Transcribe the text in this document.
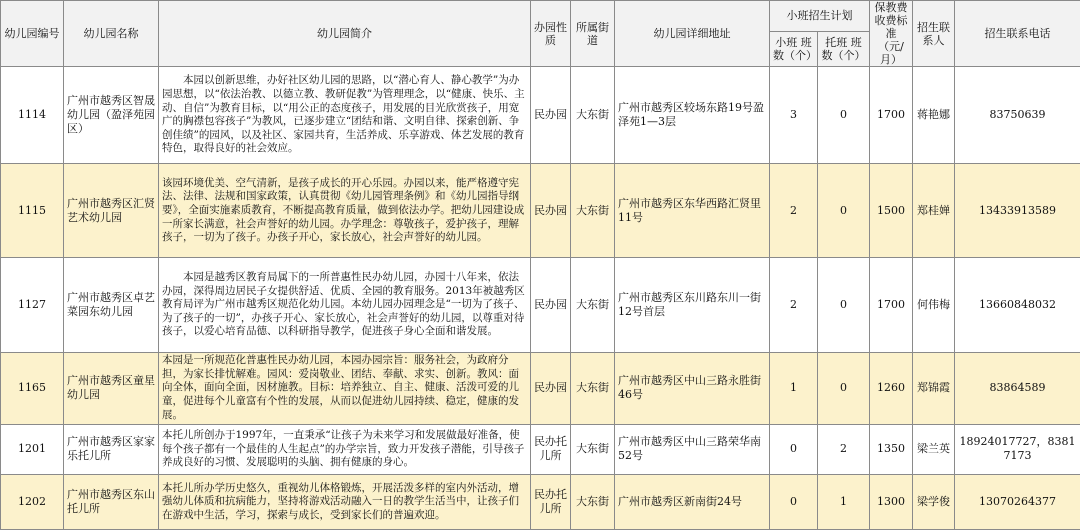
幼儿园编号	幼儿园名称	幼儿园简介	办园性质	所属街道	幼儿园详细地址	小班招生计划		保教费收费标准（元/月）	招生联系人	招生联系电话
						小班 班数（个）	托班 班数（个）			
1114	广州市越秀区智晟幼儿园（盈泽苑园区）	本园以创新思维，办好社区幼儿园的思路，以“潜心育人、静心教学”为办园思想，以“依法治教、以德立教、教研促教”为管理理念，以“健康、快乐、主动、自信”为教育目标，以“用公正的态度孩子，用发展的目光欣赏孩子，用宽广的胸襟包容孩子”为教风，已逐步建立“团结和谐、文明自律、探索创新、争创佳绩”的园风，以及社区、家园共育，生活养成、乐享游戏、体艺发展的教育特色，取得良好的社会效应。	民办园	大东街	广州市越秀区较场东路19号盈泽苑1—3层	3	0	1700	蒋艳娜	83750639
1115	广州市越秀区汇贤艺术幼儿园	该园环境优美、空气清新，是孩子成长的开心乐园。办园以来，能严格遵守宪法、法律、法规和国家政策，认真贯彻《幼儿园管理条例》和《幼儿园指导纲要》，全面实施素质教育，不断提高教育质量，做到依法办学。把幼儿园建设成一所家长满意，社会声誉好的幼儿园。办学理念：尊敬孩子，爱护孩子，理解孩子，一切为了孩子。办孩子开心，家长放心，社会声誉好的幼儿园。	民办园	大东街	广州市越秀区东华西路汇贤里11号	2	0	1500	郑桂婵	13433913589
1127	广州市越秀区卓艺菜园东幼儿园	本园是越秀区教育局属下的一所普惠性民办幼儿园，办园十八年来，依法办园，深得周边居民子女提供舒适、优质、全园的教育服务。2013年被越秀区教育局评为广州市越秀区规范化幼儿园。本幼儿园办园理念是“一切为了孩子、为了孩子的一切”，办孩子开心、家长放心，社会声誉好的幼儿园，以尊重对待孩子，以爱心培育品德、以科研指导教学，促进孩子身心全面和谐发展。	民办园	大东街	广州市越秀区东川路东川一街12号首层	2	0	1700	何伟梅	13660848032
1165	广州市越秀区童星幼儿园	本园是一所规范化普惠性民办幼儿园，本园办园宗旨：服务社会，为政府分担，为家长排忧解难。园风：爱岗敬业、团结、奉献、求实、创新。教风：面向全体，面向全面，因材施教。目标：培养独立、自主、健康、活泼可爱的儿童，促进每个儿童富有个性的发展，从而以促进幼儿园持续、稳定，健康的发展。	民办园	大东街	广州市越秀区中山三路永胜街46号	1	0	1260	郑锦霞	83864589
1201	广州市越秀区家家乐托儿所	本托儿所创办于1997年，一直秉承“让孩子为未来学习和发展做最好准备，使每个孩子都有一个最佳的人生起点”的办学宗旨，致力开发孩子潜能，引导孩子养成良好的习惯、发展聪明的头脑、拥有健康的身心。	民办托儿所	大东街	广州市越秀区中山三路荣华南52号	0	2	1350	梁兰英	18924017727，83817173
1202	广州市越秀区东山托儿所	本托儿所办学历史悠久，重视幼儿体格锻炼，开展活泼多样的室内外活动，增强幼儿体质和抗病能力，坚持将游戏活动融入一日的教学生活当中，让孩子们在游戏中生活，学习，探索与成长，受到家长们的普遍欢迎。	民办托儿所	大东街	广州市越秀区新南街24号	0	1	1300	梁学俊	13070264377
